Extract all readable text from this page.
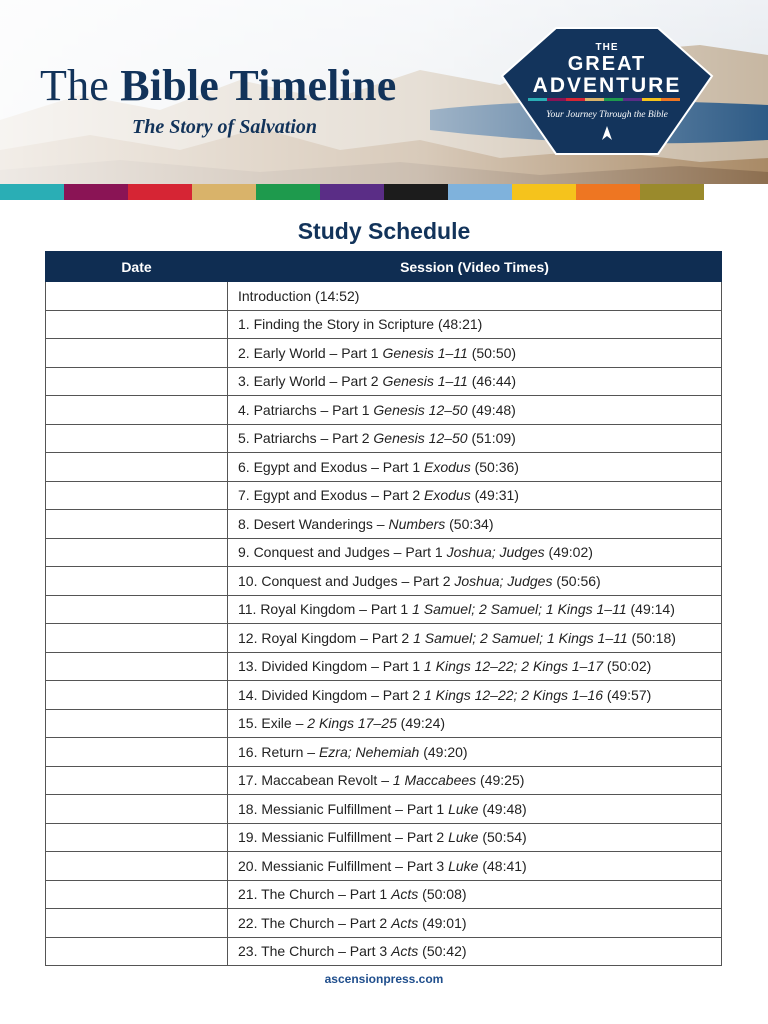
The Bible Timeline
The Story of Salvation
THE
GREAT
ADVENTURE
Your Journey Through the Bible
Study Schedule
Date	Session (Video Times)
	Introduction (14:52)
	1. Finding the Story in Scripture (48:21)
	2. Early World – Part 1 Genesis 1–11 (50:50)
	3. Early World – Part 2 Genesis 1–11 (46:44)
	4. Patriarchs – Part 1 Genesis 12–50 (49:48)
	5. Patriarchs – Part 2 Genesis 12–50 (51:09)
	6. Egypt and Exodus – Part 1 Exodus (50:36)
	7. Egypt and Exodus – Part 2 Exodus (49:31)
	8. Desert Wanderings – Numbers (50:34)
	9. Conquest and Judges – Part 1 Joshua; Judges (49:02)
	10. Conquest and Judges – Part 2 Joshua; Judges (50:56)
	11. Royal Kingdom – Part 1 1 Samuel; 2 Samuel; 1 Kings 1–11 (49:14)
	12. Royal Kingdom – Part 2 1 Samuel; 2 Samuel; 1 Kings 1–11 (50:18)
	13. Divided Kingdom – Part 1 1 Kings 12–22; 2 Kings 1–17 (50:02)
	14. Divided Kingdom – Part 2 1 Kings 12–22; 2 Kings 1–16 (49:57)
	15. Exile – 2 Kings 17–25 (49:24)
	16. Return – Ezra; Nehemiah (49:20)
	17. Maccabean Revolt – 1 Maccabees (49:25)
	18. Messianic Fulfillment – Part 1 Luke (49:48)
	19. Messianic Fulfillment – Part 2 Luke (50:54)
	20. Messianic Fulfillment – Part 3 Luke (48:41)
	21. The Church – Part 1 Acts (50:08)
	22. The Church – Part 2 Acts (49:01)
	23. The Church – Part 3 Acts (50:42)
ascensionpress.com
